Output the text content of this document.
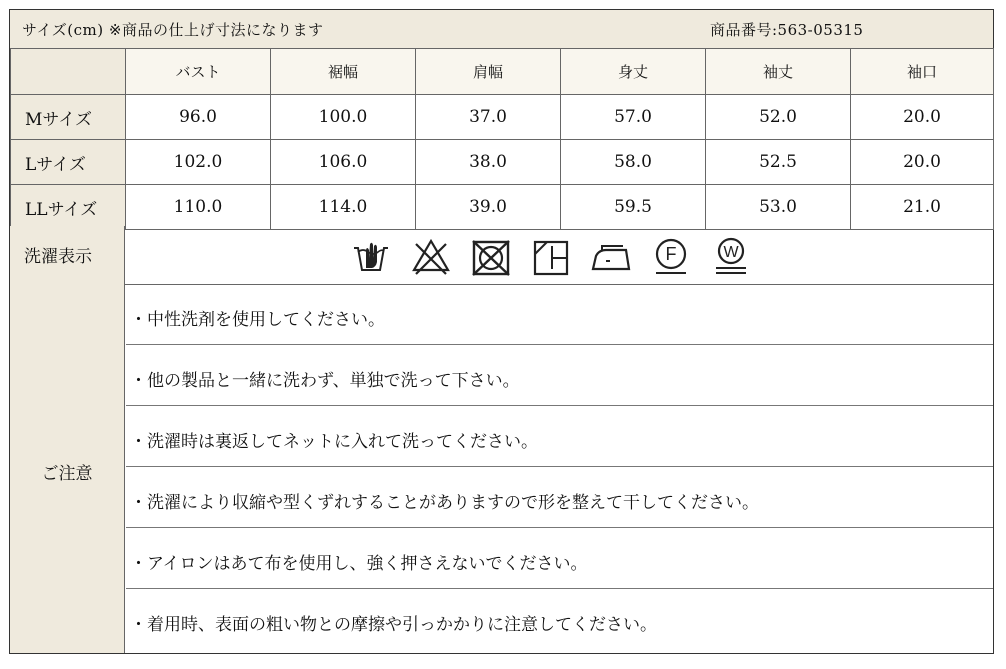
サイズ(cm) ※商品の仕上げ寸法になります	商品番号:563-05315
	バスト	裾幅	肩幅	身丈	袖丈	袖口
Mサイズ	96.0	100.0	37.0	57.0	52.0	20.0
Lサイズ	102.0	106.0	38.0	58.0	52.5	20.0
LLサイズ	110.0	114.0	39.0	59.5	53.0	21.0
洗濯表示	F	W
ご注意
・中性洗剤を使用してください。
・他の製品と一緒に洗わず、単独で洗って下さい。
・洗濯時は裏返してネットに入れて洗ってください。
・洗濯により収縮や型くずれすることがありますので形を整えて干してください。
・アイロンはあて布を使用し、強く押さえないでください。
・着用時、表面の粗い物との摩擦や引っかかりに注意してください。
